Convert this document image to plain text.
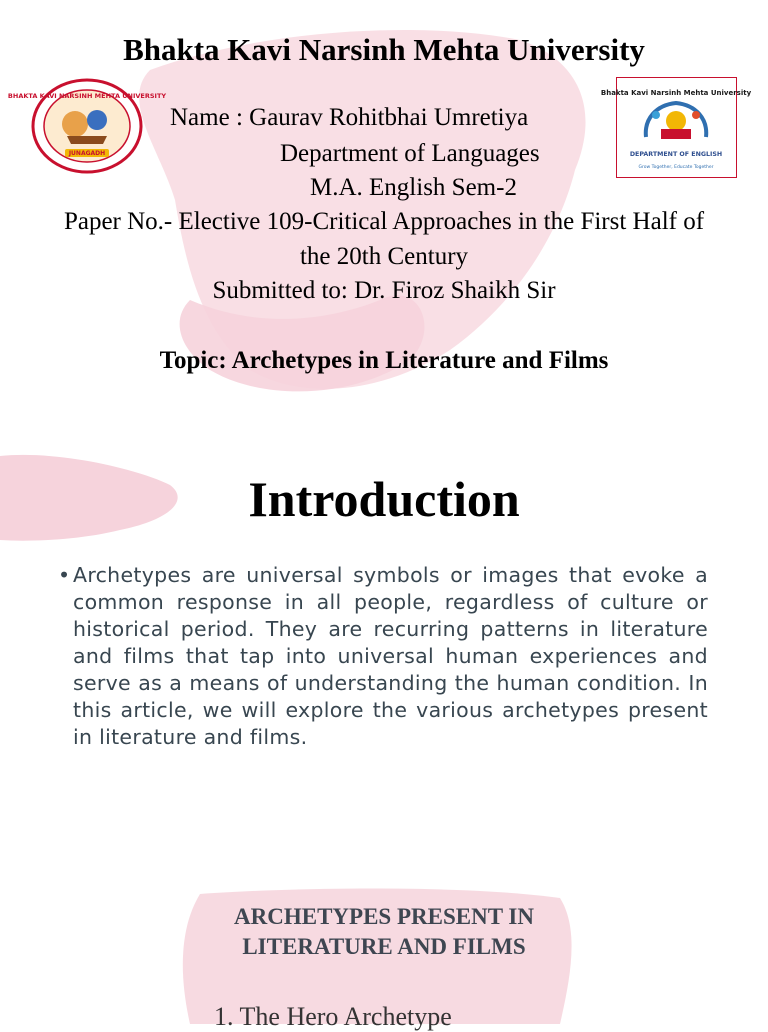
Bhakta Kavi Narsinh Mehta University
BHAKTA KAVI NARSINH MEHTA UNIVERSITY
JUNAGADH
Bhakta Kavi Narsinh Mehta University
DEPARTMENT OF ENGLISH
Grow Together, Educate Together

Name : Gaurav Rohitbhai Umretiya

Department of Languages

M.A. English Sem-2

Paper No.- Elective 109-Critical Approaches in the First Half of

the 20th Century

Submitted to: Dr. Firoz Shaikh Sir

Topic: Archetypes in Literature and Films

Introduction
• Archetypes are universal symbols or images that evoke a common response in all people, regardless of culture or historical period. They are recurring patterns in literature and films that tap into universal human experiences and serve as a means of understanding the human condition. In this article, we will explore the various archetypes present in literature and films.
ARCHETYPES PRESENT IN
LITERATURE AND FILMS
1. The Hero Archetype
